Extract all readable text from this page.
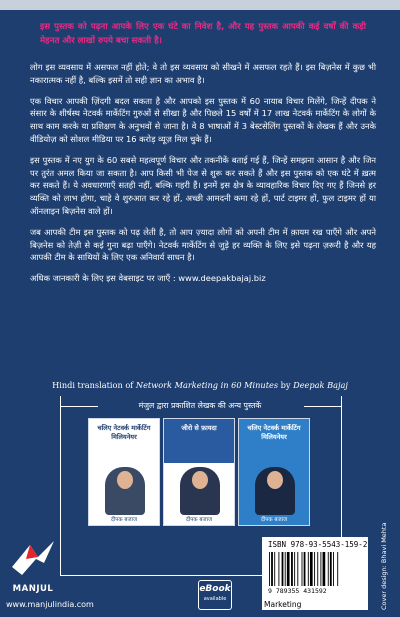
इस पुस्तक को पढ़ना आपके लिए एक घंटे का निवेश है, और यह पुस्तक आपकी कई वर्षों की कड़ी मेहनत और लाखों रुपये बचा सकती है।

लोग इस व्यवसाय में असफल नहीं होते; वे तो इस व्यवसाय को सीखने में असफल रहते हैं। इस बिज़नेस में कुछ भी नकारात्मक नहीं है, बल्कि इसमें तो सही ज्ञान का अभाव है।

एक विचार आपकी ज़िंदगी बदल सकता है और आपको इस पुस्तक में 60 नायाब विचार मिलेंगे, जिन्हें दीपक ने संसार के शीर्षस्थ नेटवर्क मार्केटिंग गुरुओं से सीखा है और पिछले 15 वर्षों में 17 लाख नेटवर्क मार्केटिंग के लोगों के साथ काम करके या प्रशिक्षण के अनुभवों से जाना है। वे 8 भाषाओं में 3 बेस्टसेलिंग पुस्तकों के लेखक हैं और उनके वीडियोज़ को सोशल मीडिया पर 16 करोड़ व्यूज़ मिल चुके हैं।

इस पुस्तक में नए युग के 60 सबसे महत्वपूर्ण विचार और तकनीकें बताई गई हैं, जिन्हें समझना आसान है और जिन पर तुरंत अमल किया जा सकता है। आप किसी भी पेज से शुरू कर सकते हैं और इस पुस्तक को एक घंटे में ख़त्म कर सकते हैं। ये अवधारणाएँ सतही नहीं, बल्कि गहरी हैं। इनमें इस क्षेत्र के व्यावहारिक विचार दिए गए हैं जिनसे हर व्यक्ति को लाभ होगा, चाहे वे शुरुआत कर रहे हों, अच्छी आमदनी कमा रहे हों, पार्ट टाइमर हों, फुल टाइमर हों या ऑनलाइन बिज़नेस वाले हों।

जब आपकी टीम इस पुस्तक को पढ़ लेती है, तो आप ज़्यादा लोगों को अपनी टीम में क़ायम रख पाएँगे और अपने बिज़नेस को तेज़ी से कई गुना बढ़ा पाएँगे। नेटवर्क मार्केटिंग से जुड़े हर व्यक्ति के लिए इसे पढ़ना ज़रूरी है और यह आपकी टीम के साथियों के लिए एक अनिवार्य साधन है।

अधिक जानकारी के लिए इस वेबसाइट पर जाएँ : www.deepakbajaj.biz

Hindi translation of Network Marketing in 60 Minutes by Deepak Bajaj
मंजुल द्वारा प्रकाशित लेखक की अन्य पुस्तकें
चलिए नेटवर्क मार्केटिंग मिलियनेयर
दीपक बजाज
जीरो से फ़ायदा
दीपक बजाज
चलिए नेटवर्क मार्केटिंग मिलियनेयर
दीपक बजाज
MANJUL
www.manjulindia.com
eBook
available
ISBN 978-93-5543-159-2
9 789355 431592
Marketing	Cover design: Bhavi Mehta
